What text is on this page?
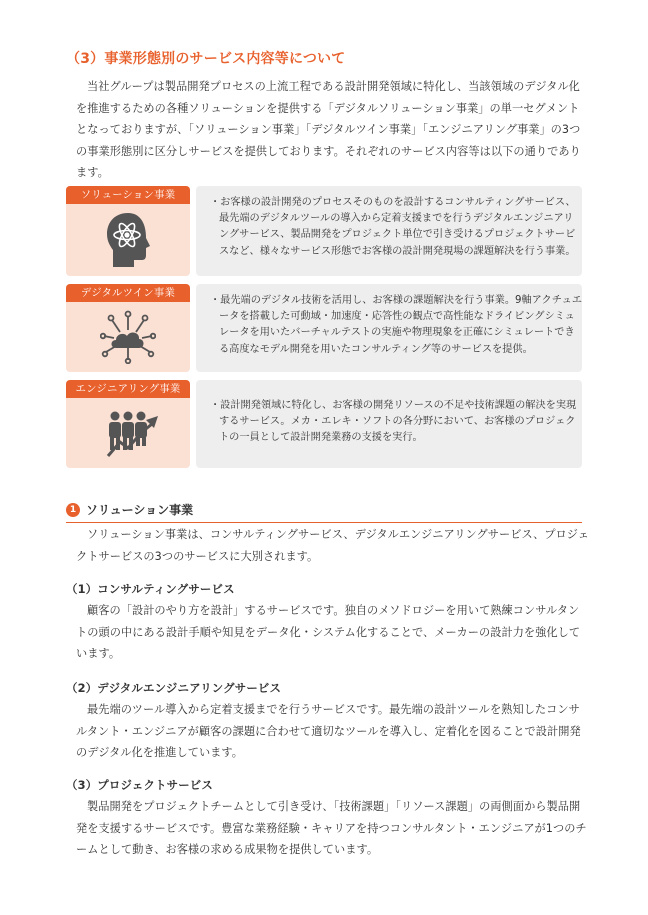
（3）事業形態別のサービス内容等について

当社グループは製品開発プロセスの上流工程である設計開発領域に特化し、当該領域のデジタル化を推進するための各種ソリューションを提供する「デジタルソリューション事業」の単一セグメントとなっておりますが、「ソリューション事業」「デジタルツイン事業」「エンジニアリング事業」の3つの事業形態別に区分しサービスを提供しております。それぞれのサービス内容等は以下の通りであります。

ソリューション事業

・お客様の設計開発のプロセスそのものを設計するコンサルティングサービス、最先端のデジタルツールの導入から定着支援までを行うデジタルエンジニアリングサービス、製品開発をプロジェクト単位で引き受けるプロジェクトサービスなど、様々なサービス形態でお客様の設計開発現場の課題解決を行う事業。

デジタルツイン事業

・最先端のデジタル技術を活用し、お客様の課題解決を行う事業。9軸アクチュエータを搭載した可動域・加速度・応答性の観点で高性能なドライビングシミュレータを用いたバーチャルテストの実施や物理現象を正確にシミュレートできる高度なモデル開発を用いたコンサルティング等のサービスを提供。

エンジニアリング事業

・設計開発領域に特化し、お客様の開発リソースの不足や技術課題の解決を実現するサービス。メカ・エレキ・ソフトの各分野において、お客様のプロジェクトの一員として設計開発業務の支援を実行。

1 ソリューション事業

ソリューション事業は、コンサルティングサービス、デジタルエンジニアリングサービス、プロジェクトサービスの3つのサービスに大別されます。

（1）コンサルティングサービス

顧客の「設計のやり方を設計」するサービスです。独自のメソドロジーを用いて熟練コンサルタントの頭の中にある設計手順や知見をデータ化・システム化することで、メーカーの設計力を強化しています。

（2）デジタルエンジニアリングサービス

最先端のツール導入から定着支援までを行うサービスです。最先端の設計ツールを熟知したコンサルタント・エンジニアが顧客の課題に合わせて適切なツールを導入し、定着化を図ることで設計開発のデジタル化を推進しています。

（3）プロジェクトサービス

製品開発をプロジェクトチームとして引き受け、「技術課題」「リソース課題」の両側面から製品開発を支援するサービスです。豊富な業務経験・キャリアを持つコンサルタント・エンジニアが1つのチームとして動き、お客様の求める成果物を提供しています。
